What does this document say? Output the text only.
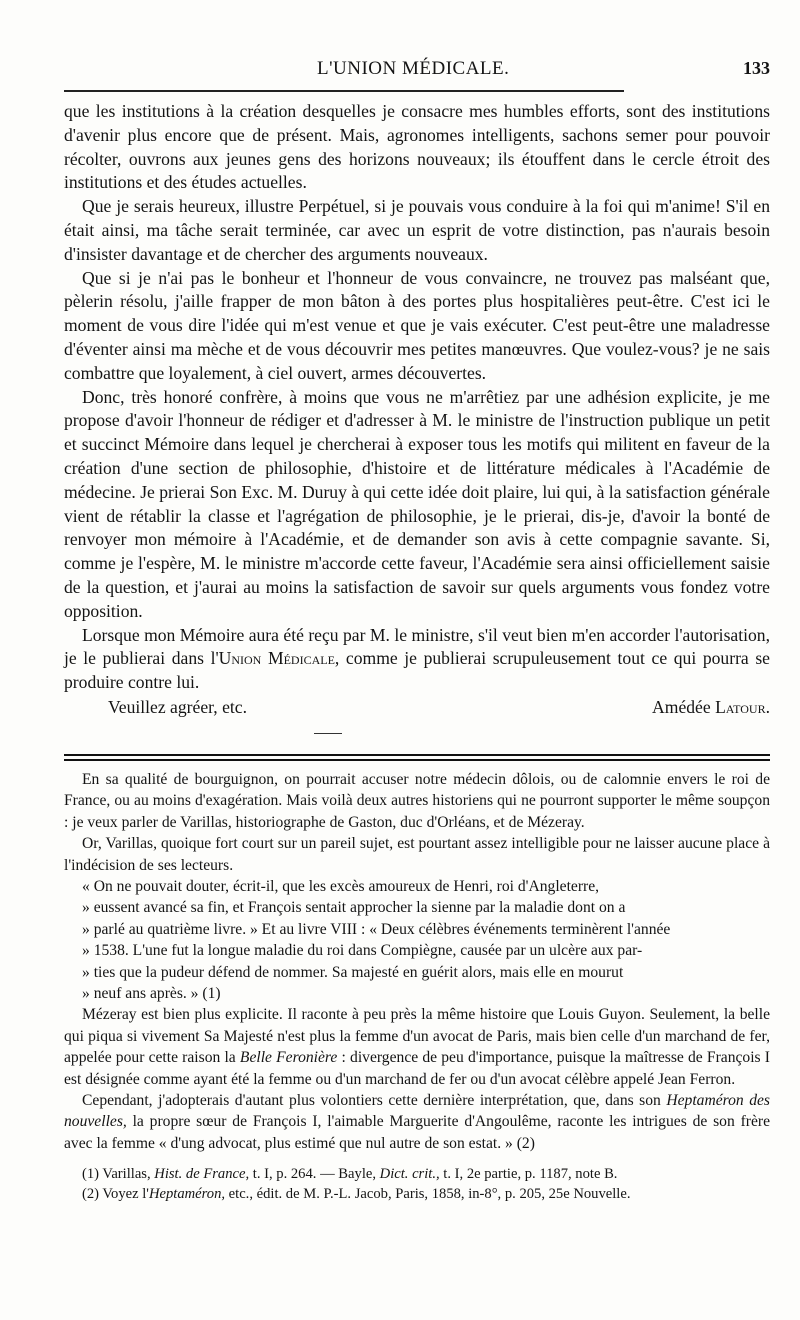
L'UNION MÉDICALE.	133

que les institutions à la création desquelles je consacre mes humbles efforts, sont des institutions d'avenir plus encore que de présent. Mais, agronomes intelligents, sachons semer pour pouvoir récolter, ouvrons aux jeunes gens des horizons nouveaux; ils étouffent dans le cercle étroit des institutions et des études actuelles.

Que je serais heureux, illustre Perpétuel, si je pouvais vous conduire à la foi qui m'anime! S'il en était ainsi, ma tâche serait terminée, car avec un esprit de votre distinction, pas n'aurais besoin d'insister davantage et de chercher des arguments nouveaux.

Que si je n'ai pas le bonheur et l'honneur de vous convaincre, ne trouvez pas malséant que, pèlerin résolu, j'aille frapper de mon bâton à des portes plus hospitalières peut-être. C'est ici le moment de vous dire l'idée qui m'est venue et que je vais exécuter. C'est peut-être une maladresse d'éventer ainsi ma mèche et de vous découvrir mes petites manœuvres. Que voulez-vous? je ne sais combattre que loyalement, à ciel ouvert, armes découvertes.

Donc, très honoré confrère, à moins que vous ne m'arrêtiez par une adhésion explicite, je me propose d'avoir l'honneur de rédiger et d'adresser à M. le ministre de l'instruction publique un petit et succinct Mémoire dans lequel je chercherai à exposer tous les motifs qui militent en faveur de la création d'une section de philosophie, d'histoire et de littérature médicales à l'Académie de médecine. Je prierai Son Exc. M. Duruy à qui cette idée doit plaire, lui qui, à la satisfaction générale vient de rétablir la classe et l'agrégation de philosophie, je le prierai, dis-je, d'avoir la bonté de renvoyer mon mémoire à l'Académie, et de demander son avis à cette compagnie savante. Si, comme je l'espère, M. le ministre m'accorde cette faveur, l'Académie sera ainsi officiellement saisie de la question, et j'aurai au moins la satisfaction de savoir sur quels arguments vous fondez votre opposition.

Lorsque mon Mémoire aura été reçu par M. le ministre, s'il veut bien m'en accorder l'autorisation, je le publierai dans l'Union Médicale, comme je publierai scrupuleusement tout ce qui pourra se produire contre lui.

Veuillez agréer, etc.	Amédée Latour.

En sa qualité de bourguignon, on pourrait accuser notre médecin dôlois, ou de calomnie envers le roi de France, ou au moins d'exagération. Mais voilà deux autres historiens qui ne pourront supporter le même soupçon : je veux parler de Varillas, historiographe de Gaston, duc d'Orléans, et de Mézeray.

Or, Varillas, quoique fort court sur un pareil sujet, est pourtant assez intelligible pour ne laisser aucune place à l'indécision de ses lecteurs.

« On ne pouvait douter, écrit-il, que les excès amoureux de Henri, roi d'Angleterre,

» eussent avancé sa fin, et François sentait approcher la sienne par la maladie dont on a

» parlé au quatrième livre. » Et au livre VIII : « Deux célèbres événements terminèrent l'année

» 1538. L'une fut la longue maladie du roi dans Compiègne, causée par un ulcère aux par-

» ties que la pudeur défend de nommer. Sa majesté en guérit alors, mais elle en mourut

» neuf ans après. » (1)

Mézeray est bien plus explicite. Il raconte à peu près la même histoire que Louis Guyon. Seulement, la belle qui piqua si vivement Sa Majesté n'est plus la femme d'un avocat de Paris, mais bien celle d'un marchand de fer, appelée pour cette raison la Belle Feronière : divergence de peu d'importance, puisque la maîtresse de François I est désignée comme ayant été la femme ou d'un marchand de fer ou d'un avocat célèbre appelé Jean Ferron.

Cependant, j'adopterais d'autant plus volontiers cette dernière interprétation, que, dans son Heptaméron des nouvelles, la propre sœur de François I, l'aimable Marguerite d'Angoulême, raconte les intrigues de son frère avec la femme « d'ung advocat, plus estimé que nul autre de son estat. » (2)

(1) Varillas, Hist. de France, t. I, p. 264. — Bayle, Dict. crit., t. I, 2e partie, p. 1187, note B.

(2) Voyez l'Heptaméron, etc., édit. de M. P.-L. Jacob, Paris, 1858, in-8°, p. 205, 25e Nouvelle.
